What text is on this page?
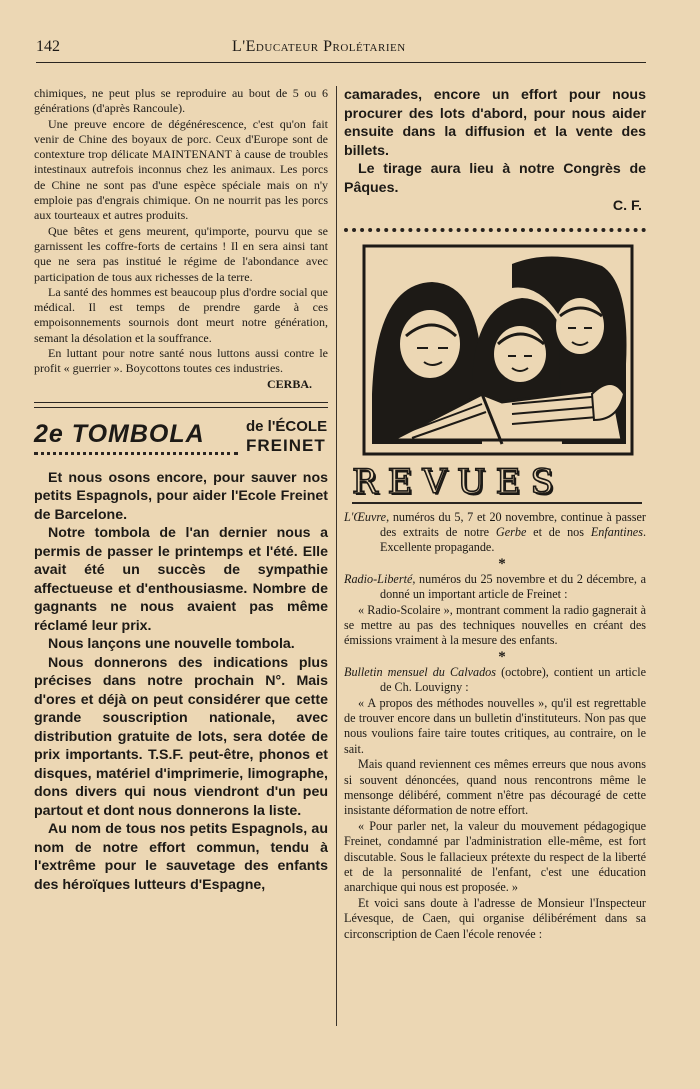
142	L'Educateur Prolétarien

chimiques, ne peut plus se reproduire au bout de 5 ou 6 générations (d'après Rancoule).

Une preuve encore de dégénérescence, c'est qu'on fait venir de Chine des boyaux de porc. Ceux d'Europe sont de contexture trop délicate MAINTENANT à cause de troubles intestinaux autrefois inconnus chez les animaux. Les porcs de Chine ne sont pas d'une espèce spéciale mais on n'y emploie pas d'engrais chimique. On ne nourrit pas les porcs aux tourteaux et autres produits.

Que bêtes et gens meurent, qu'importe, pourvu que se garnissent les coffre-forts de certains ! Il en sera ainsi tant que ne sera pas institué le régime de l'abondance avec participation de tous aux richesses de la terre.

La santé des hommes est beaucoup plus d'ordre social que médical. Il est temps de prendre garde à ces empoisonnements sournois dont meurt notre génération, semant la désolation et la souffrance.

En luttant pour notre santé nous luttons aussi contre le profit « guerrier ». Boycottons toutes ces industries.

CERBA.
2e TOMBOLA	de l'ÉCOLE
FREINET

Et nous osons encore, pour sauver nos petits Espagnols, pour aider l'Ecole Freinet de Barcelone.

Notre tombola de l'an dernier nous a permis de passer le printemps et l'été. Elle avait été un succès de sympathie affectueuse et d'enthousiasme. Nombre de gagnants ne nous avaient pas même réclamé leur prix.

Nous lançons une nouvelle tombola.

Nous donnerons des indications plus précises dans notre prochain N°. Mais d'ores et déjà on peut considérer que cette grande souscription nationale, avec distribution gratuite de lots, sera dotée de prix importants. T.S.F. peut-être, phonos et disques, matériel d'imprimerie, limographe, dons divers qui nous viendront d'un peu partout et dont nous donnerons la liste.

Au nom de tous nos petits Espagnols, au nom de notre effort commun, tendu à l'extrême pour le sauvetage des enfants des héroïques lutteurs d'Espagne,

camarades, encore un effort pour nous procurer des lots d'abord, pour nous aider ensuite dans la diffusion et la vente des billets.

Le tirage aura lieu à notre Congrès de Pâques.

C. F.
REVUES

L'Œuvre, numéros du 5, 7 et 20 novembre, continue à passer des extraits de notre Gerbe et de nos Enfantines. Excellente propagande.

*

Radio-Liberté, numéros du 25 novembre et du 2 décembre, a donné un important article de Freinet :

« Radio-Scolaire », montrant comment la radio gagnerait à se mettre au pas des techniques nouvelles en créant des émissions vraiment à la mesure des enfants.

*

Bulletin mensuel du Calvados (octobre), contient un article de Ch. Louvigny :

« A propos des méthodes nouvelles », qu'il est regrettable de trouver encore dans un bulletin d'instituteurs. Non pas que nous voulions faire taire toutes critiques, au contraire, on le sait.

Mais quand reviennent ces mêmes erreurs que nous avons si souvent dénoncées, quand nous rencontrons même le mensonge délibéré, comment n'être pas découragé de cette insistante déformation de notre effort.

« Pour parler net, la valeur du mouvement pédagogique Freinet, condamné par l'administration elle-même, est fort discutable. Sous le fallacieux prétexte du respect de la liberté et de la personnalité de l'enfant, c'est une éducation anarchique qui nous est proposée. »

Et voici sans doute à l'adresse de Monsieur l'Inspecteur Lévesque, de Caen, qui organise délibérément dans sa circonscription de Caen l'école renovée :
